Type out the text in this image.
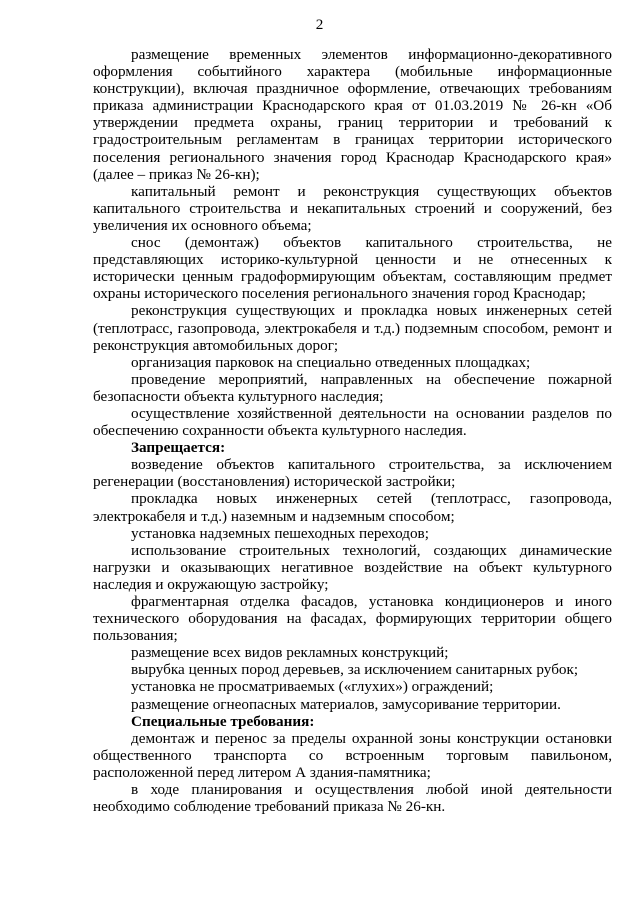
2

размещение временных элементов информационно-декоративного оформления событийного характера (мобильные информационные конструкции), включая праздничное оформление, отвечающих требованиям приказа администрации Краснодарского края от 01.03.2019 № 26-кн «Об утверждении предмета охраны, границ территории и требований к градостроительным регламентам в границах территории исторического поселения регионального значения город Краснодар Краснодарского края» (далее – приказ № 26-кн);

капитальный ремонт и реконструкция существующих объектов капитального строительства и некапитальных строений и сооружений, без увеличения их основного объема;

снос (демонтаж) объектов капитального строительства, не представляющих историко-культурной ценности и не отнесенных к исторически ценным градоформирующим объектам, составляющим предмет охраны исторического поселения регионального значения город Краснодар;

реконструкция существующих и прокладка новых инженерных сетей (теплотрасс, газопровода, электрокабеля и т.д.) подземным способом, ремонт и реконструкция автомобильных дорог;

организация парковок на специально отведенных площадках;

проведение мероприятий, направленных на обеспечение пожарной безопасности объекта культурного наследия;

осуществление хозяйственной деятельности на основании разделов по обеспечению сохранности объекта культурного наследия.

Запрещается:

возведение объектов капитального строительства, за исключением регенерации (восстановления) исторической застройки;

прокладка новых инженерных сетей (теплотрасс, газопровода, электрокабеля и т.д.) наземным и надземным способом;

установка надземных пешеходных переходов;

использование строительных технологий, создающих динамические нагрузки и оказывающих негативное воздействие на объект культурного наследия и окружающую застройку;

фрагментарная отделка фасадов, установка кондиционеров и иного технического оборудования на фасадах, формирующих территории общего пользования;

размещение всех видов рекламных конструкций;

вырубка ценных пород деревьев, за исключением санитарных рубок;

установка не просматриваемых («глухих») ограждений;

размещение огнеопасных материалов, замусоривание территории.

Специальные требования:

демонтаж и перенос за пределы охранной зоны конструкции остановки общественного транспорта со встроенным торговым павильоном, расположенной перед литером А здания-памятника;

в ходе планирования и осуществления любой иной деятельности необходимо соблюдение требований приказа № 26-кн.
